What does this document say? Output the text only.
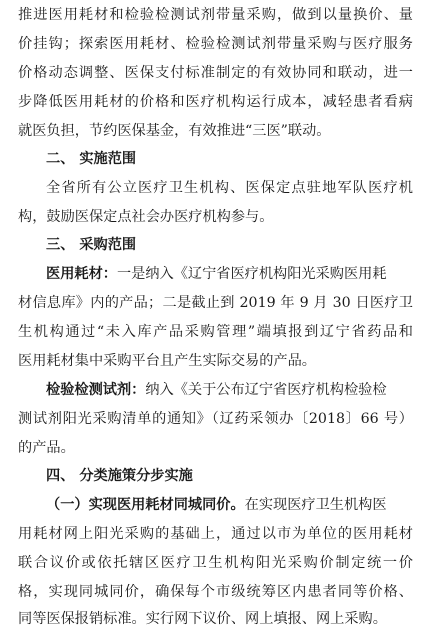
推进医用耗材和检验检测试剂带量采购，做到以量换价、量
价挂钩；探索医用耗材、检验检测试剂带量采购与医疗服务
价格动态调整、医保支付标准制定的有效协同和联动，进一
步降低医用耗材的价格和医疗机构运行成本，减轻患者看病
就医负担，节约医保基金，有效推进“三医”联动。
二、 实施范围
全省所有公立医疗卫生机构、医保定点驻地军队医疗机
构，鼓励医保定点社会办医疗机构参与。
三、 采购范围
医用耗材：一是纳入《辽宁省医疗机构阳光采购医用耗
材信息库》内的产品；二是截止到 2019 年 9 月 30 日医疗卫
生机构通过“未入库产品采购管理”端填报到辽宁省药品和
医用耗材集中采购平台且产生实际交易的产品。
检验检测试剂：纳入《关于公布辽宁省医疗机构检验检
测试剂阳光采购清单的通知》（辽药采领办〔2018〕66 号）
的产品。
四、 分类施策分步实施
（一）实现医用耗材同城同价。在实现医疗卫生机构医
用耗材网上阳光采购的基础上，通过以市为单位的医用耗材
联合议价或依托辖区医疗卫生机构阳光采购价制定统一价
格，实现同城同价，确保每个市级统筹区内患者同等价格、
同等医保报销标准。实行网下议价、网上填报、网上采购。
